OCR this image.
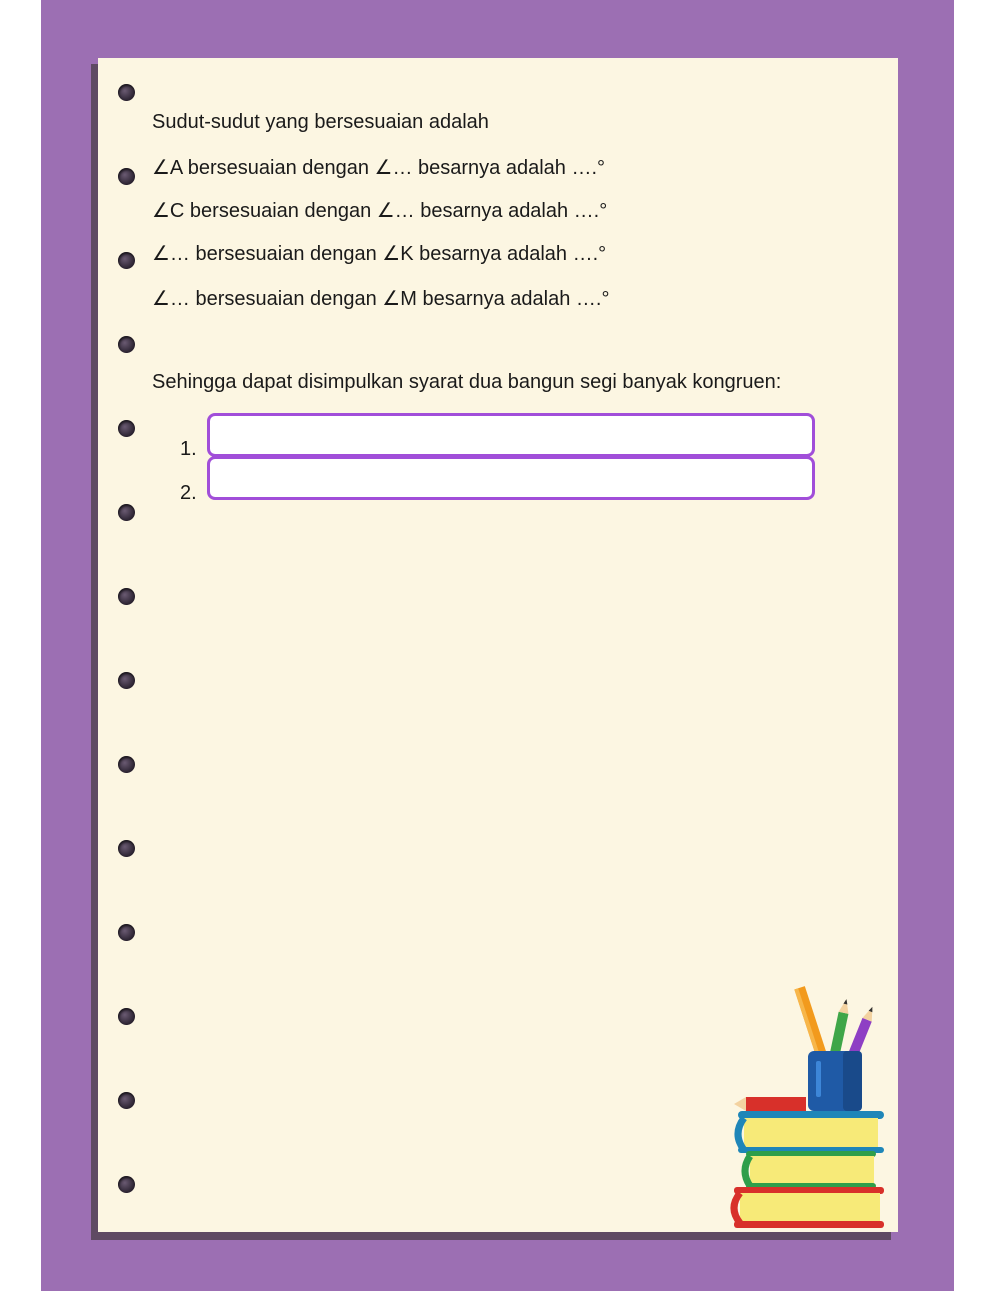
Sudut-sudut yang bersesuaian adalah
∠A bersesuaian dengan ∠… besarnya adalah ….°
∠C bersesuaian dengan ∠… besarnya adalah ….°
∠… bersesuaian dengan ∠K besarnya adalah ….°
∠… bersesuaian dengan ∠M besarnya adalah ….°
Sehingga dapat disimpulkan syarat dua bangun segi banyak kongruen:
1.
2.
